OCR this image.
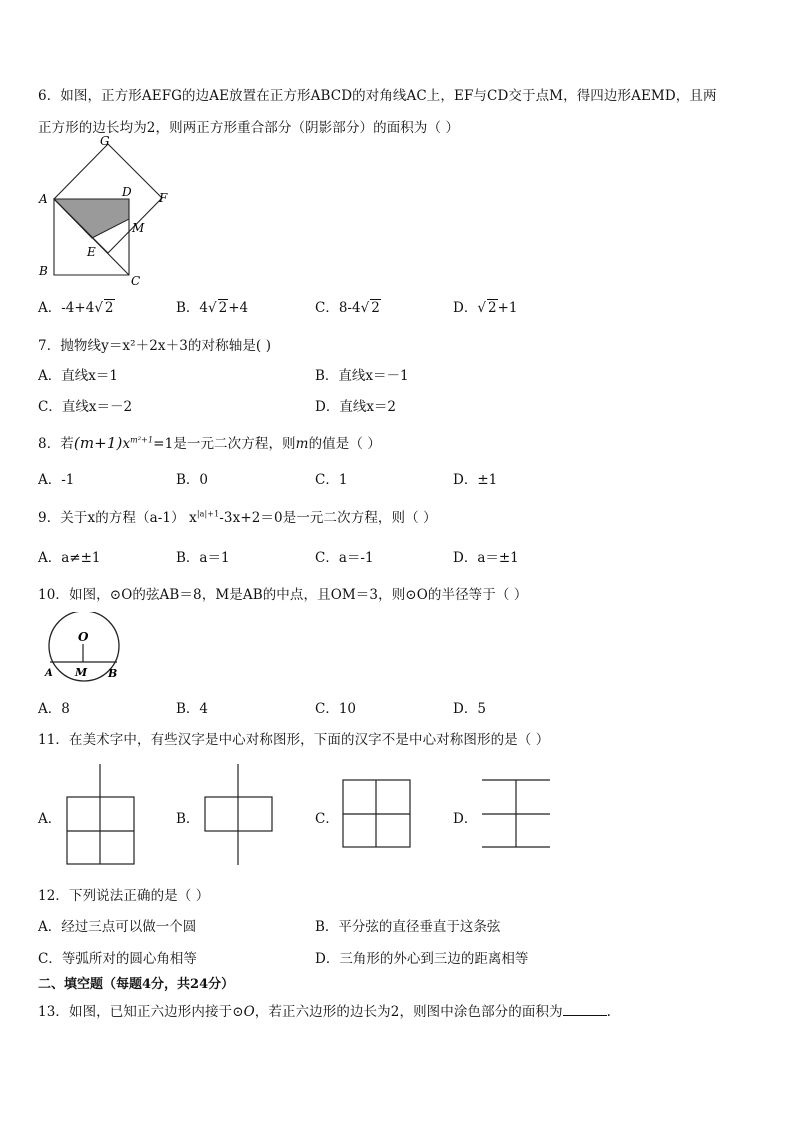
6．如图，正方形AEFG的边AE放置在正方形ABCD的对角线AC上，EF与CD交于点M，得四边形AEMD，且两
正方形的边长均为2，则两正方形重合部分（阴影部分）的面积为（ ）
G
A	D F
M
E
B
C
A．-4+4√ 2	B．4√ 2+4	C．8-4√ 2	D．√ 2+1
7．抛物线y＝x²＋2x＋3的对称轴是( )
A．直线x＝1	B．直线x＝－1
C．直线x＝－2	D．直线x＝2
8．若$(m+1)x^{m^2+1}=1$是一元二次方程，则m的值是（ ）
A．-1	B．0	C．1	D．±1
9．关于x的方程（a-1） $x^{|a|+1}-3x+2=0$是一元二次方程，则（ ）
A．a≠±1	B．a＝1	C．a＝-1	D．a＝±1
10．如图，⊙O的弦AB＝8，M是AB的中点，且OM＝3，则⊙O的半径等于（ ）
O
A M B
A．8	B．4	C．10	D．5
11．在美术字中，有些汉字是中心对称图形，下面的汉字不是中心对称图形的是（ ）
A．	B．	C．	D．
12．下列说法正确的是（ ）
A．经过三点可以做一个圆	B．平分弦的直径垂直于这条弦
C．等弧所对的圆心角相等	D．三角形的外心到三边的距离相等
二、填空题（每题4分，共24分）
13．如图，已知正六边形内接于⊙O，若正六边形的边长为2，则图中涂色部分的面积为	.
